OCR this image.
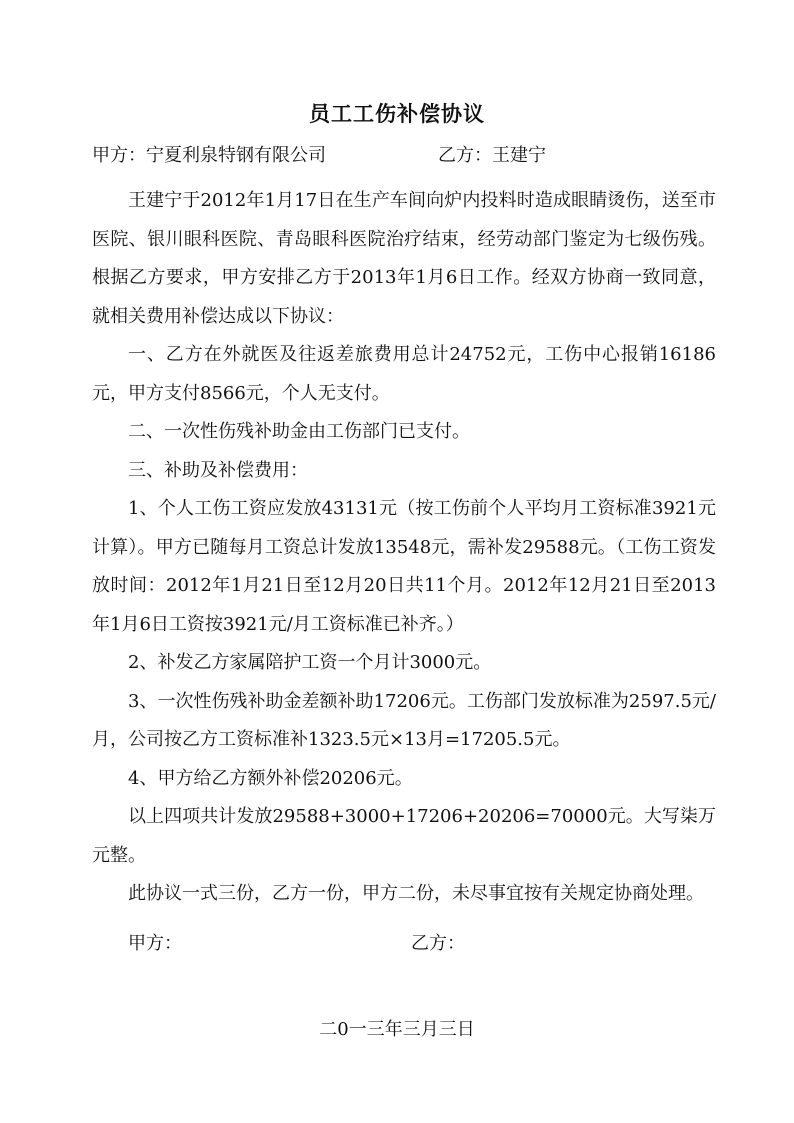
员工工伤补偿协议
甲方：宁夏利泉特钢有限公司	乙方：王建宁

王建宁于2012年1月17日在生产车间向炉内投料时造成眼睛烫伤，送至市医院、银川眼科医院、青岛眼科医院治疗结束，经劳动部门鉴定为七级伤残。根据乙方要求，甲方安排乙方于2013年1月6日工作。经双方协商一致同意，就相关费用补偿达成以下协议：

一、乙方在外就医及往返差旅费用总计24752元，工伤中心报销16186元，甲方支付8566元，个人无支付。

二、一次性伤残补助金由工伤部门已支付。

三、补助及补偿费用：

1、个人工伤工资应发放43131元（按工伤前个人平均月工资标准3921元计算）。甲方已随每月工资总计发放13548元，需补发29588元。（工伤工资发放时间：2012年1月21日至12月20日共11个月。2012年12月21日至2013年1月6日工资按3921元/月工资标准已补齐。）

2、补发乙方家属陪护工资一个月计3000元。

3、一次性伤残补助金差额补助17206元。工伤部门发放标准为2597.5元/月，公司按乙方工资标准补1323.5元×13月=17205.5元。

4、甲方给乙方额外补偿20206元。

以上四项共计发放29588+3000+17206+20206=70000元。大写柒万元整。

此协议一式三份，乙方一份，甲方二份，未尽事宜按有关规定协商处理。

甲方：	乙方：
二0一三年三月三日
